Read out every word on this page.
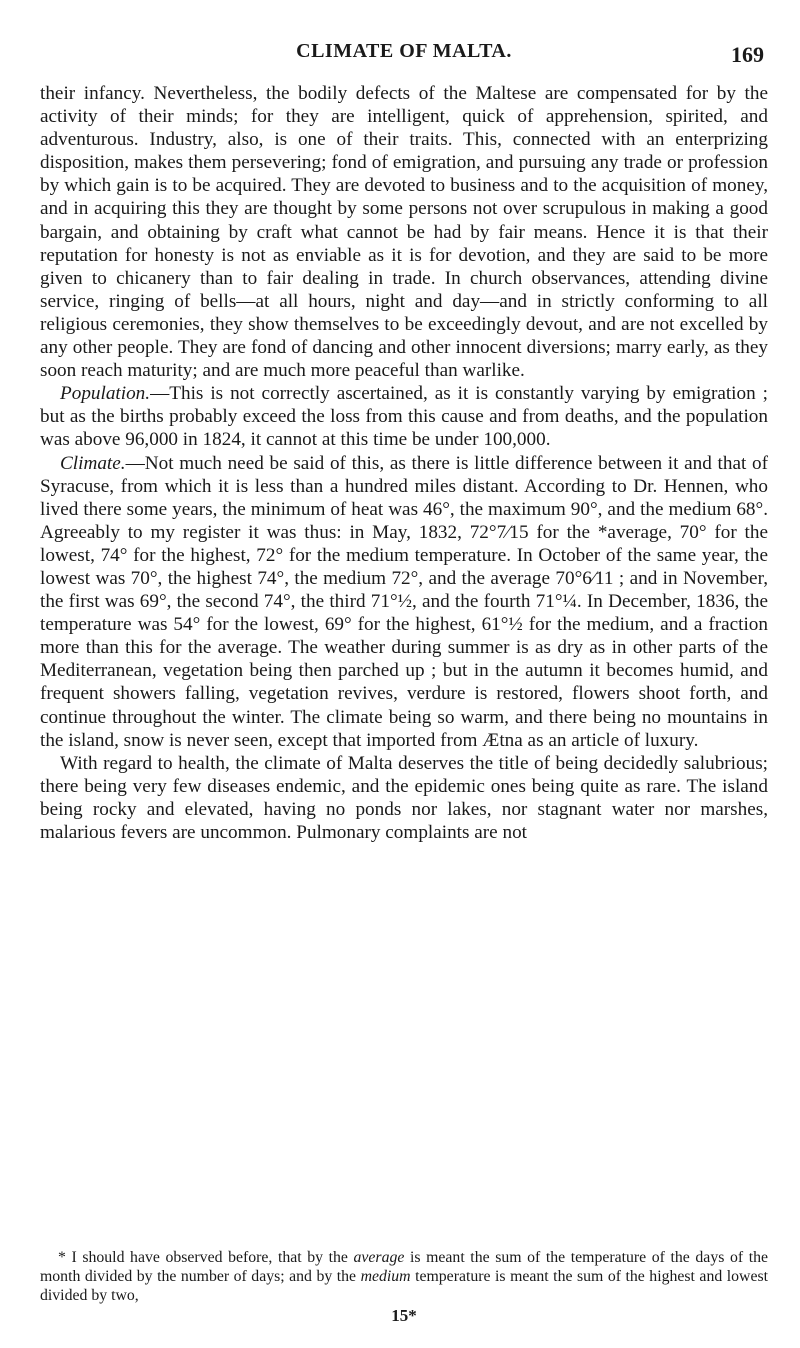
CLIMATE OF MALTA.	169

their infancy. Nevertheless, the bodily defects of the Maltese are compensated for by the activity of their minds; for they are intelligent, quick of apprehension, spirited, and adventurous. Industry, also, is one of their traits. This, connected with an enterprizing disposition, makes them persevering; fond of emigration, and pursuing any trade or profession by which gain is to be acquired. They are devoted to business and to the acquisition of money, and in acquiring this they are thought by some persons not over scrupulous in making a good bargain, and obtaining by craft what cannot be had by fair means. Hence it is that their reputation for honesty is not as enviable as it is for devotion, and they are said to be more given to chicanery than to fair dealing in trade. In church observances, attending divine service, ringing of bells—at all hours, night and day—and in strictly conforming to all religious ceremonies, they show themselves to be exceedingly devout, and are not excelled by any other people. They are fond of dancing and other innocent diversions; marry early, as they soon reach maturity; and are much more peaceful than warlike.

Population.—This is not correctly ascertained, as it is constantly varying by emigration ; but as the births probably exceed the loss from this cause and from deaths, and the population was above 96,000 in 1824, it cannot at this time be under 100,000.

Climate.—Not much need be said of this, as there is little difference between it and that of Syracuse, from which it is less than a hundred miles distant. According to Dr. Hennen, who lived there some years, the minimum of heat was 46°, the maximum 90°, and the medium 68°. Agreeably to my register it was thus: in May, 1832, 72°7⁄15 for the *average, 70° for the lowest, 74° for the highest, 72° for the medium temperature. In October of the same year, the lowest was 70°, the highest 74°, the medium 72°, and the average 70°6⁄11 ; and in November, the first was 69°, the second 74°, the third 71°½, and the fourth 71°¼. In December, 1836, the temperature was 54° for the lowest, 69° for the highest, 61°½ for the medium, and a fraction more than this for the average. The weather during summer is as dry as in other parts of the Mediterranean, vegetation being then parched up ; but in the autumn it becomes humid, and frequent showers falling, vegetation revives, verdure is restored, flowers shoot forth, and continue throughout the winter. The climate being so warm, and there being no mountains in the island, snow is never seen, except that imported from Ætna as an article of luxury.

With regard to health, the climate of Malta deserves the title of being decidedly salubrious; there being very few diseases endemic, and the epidemic ones being quite as rare. The island being rocky and elevated, having no ponds nor lakes, nor stagnant water nor marshes, malarious fevers are uncommon. Pulmonary complaints are not

* I should have observed before, that by the average is meant the sum of the temperature of the days of the month divided by the number of days; and by the medium temperature is meant the sum of the highest and lowest divided by two,
15*
